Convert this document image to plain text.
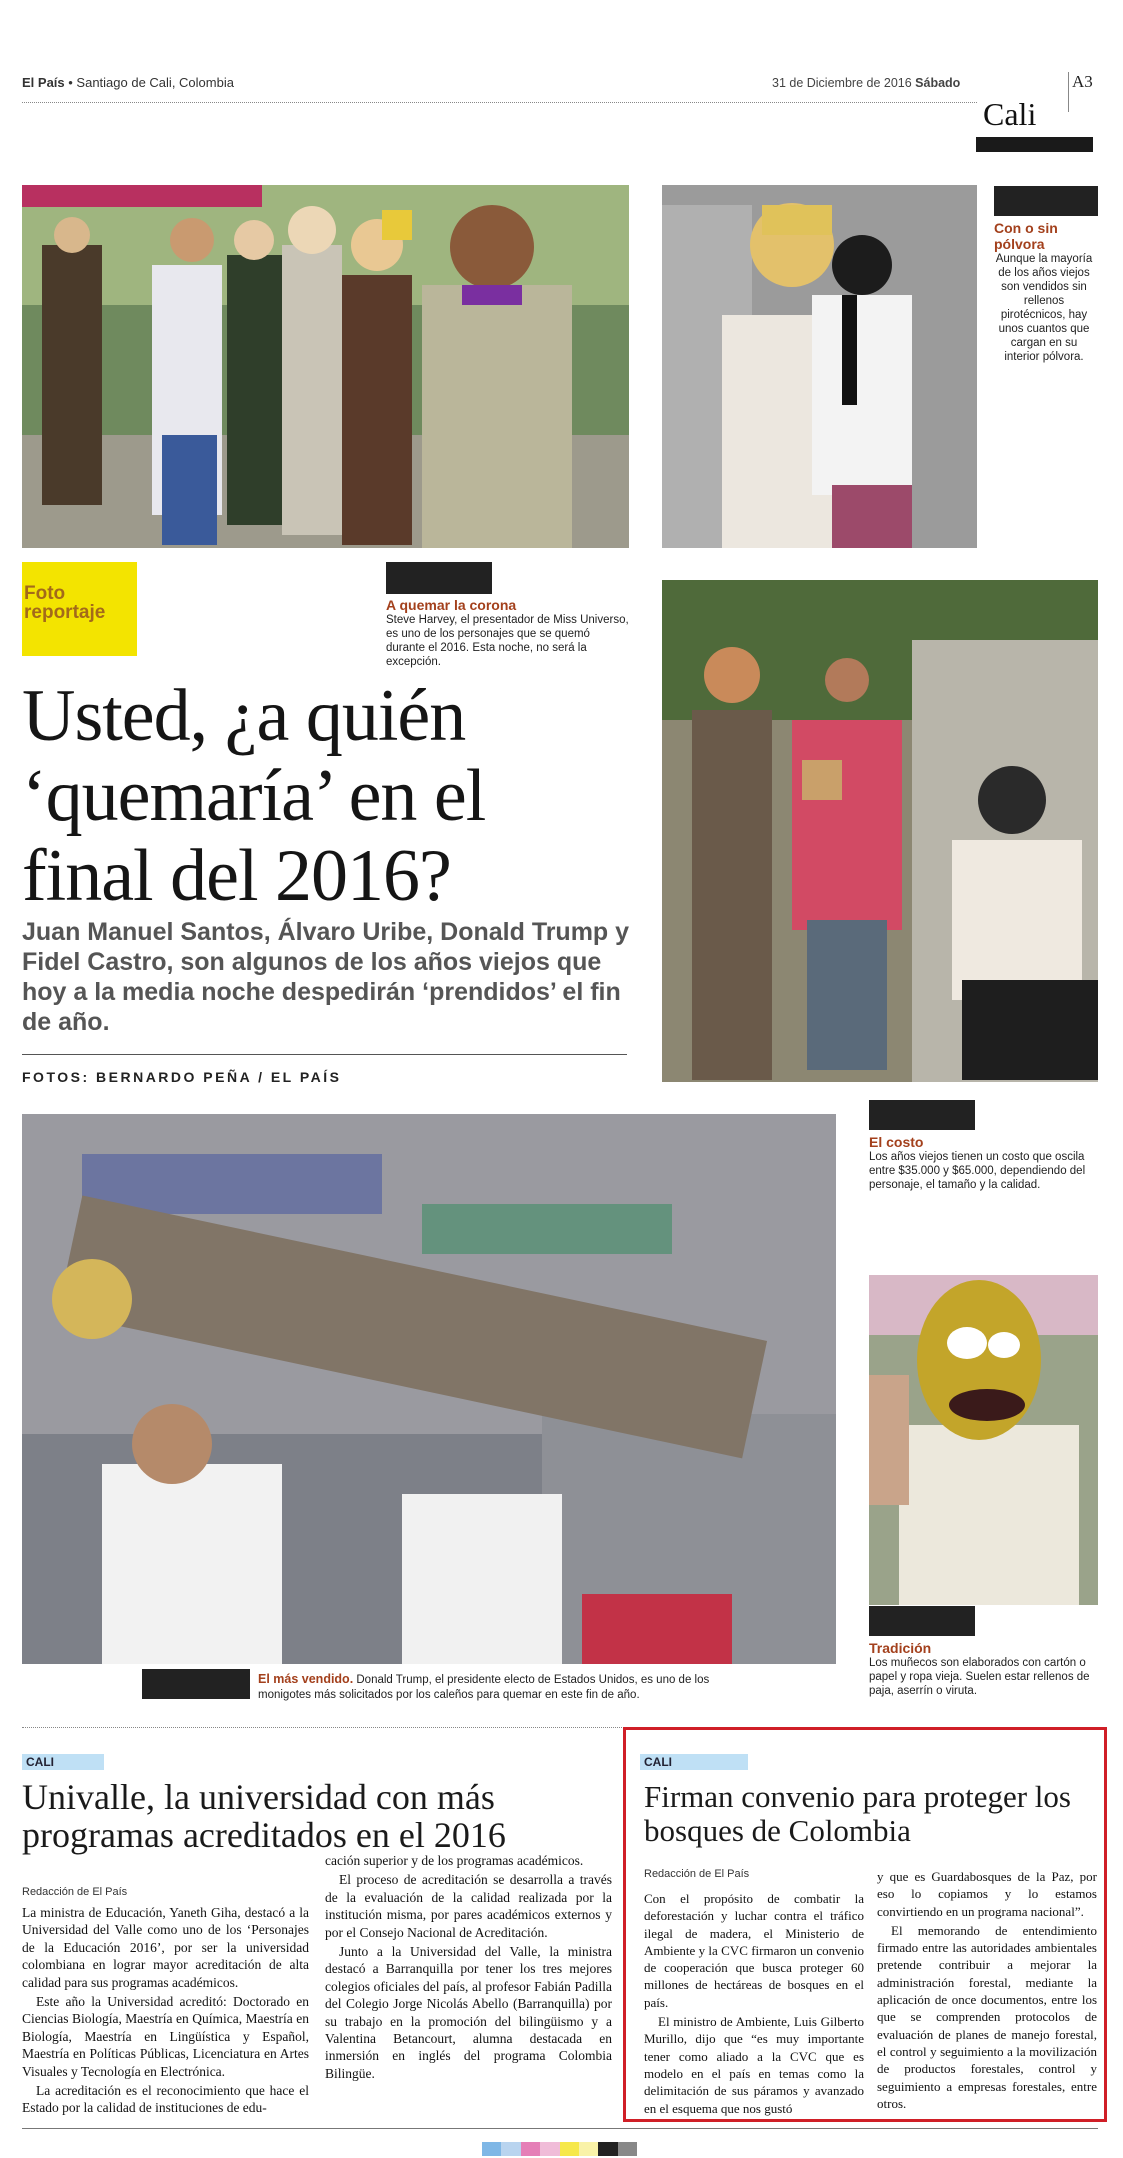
El País • Santiago de Cali, Colombia	31 de Diciembre de 2016 Sábado	A3
Cali
Con o sin pólvora
Aunque la mayoría de los años viejos son vendidos sin rellenos pirotécnicos, hay unos cuantos que cargan en su interior pólvora.
Foto
reportaje	A quemar la corona
Steve Harvey, el presentador de Miss Universo, es uno de los personajes que se quemó durante el 2016. Esta noche, no será la excepción.
Usted, ¿a quién
‘quemaría’ en el
final del 2016?
Juan Manuel Santos, Álvaro Uribe, Donald Trump y Fidel Castro, son algunos de los años viejos que hoy a la media noche despedirán ‘prendidos’ el fin de año.
FOTOS: BERNARDO PEÑA / EL PAÍS
El costo
Los años viejos tienen un costo que oscila entre $35.000 y $65.000, dependiendo del personaje, el tamaño y la calidad.
Tradición
Los muñecos son elaborados con cartón o papel y ropa vieja. Suelen estar rellenos de paja, aserrín o viruta.
El más vendido. Donald Trump, el presidente electo de Estados Unidos, es uno de los monigotes más solicitados por los caleños para quemar en este fin de año.
CALI
Univalle, la universidad con más programas acreditados en el 2016
Redacción de El País

La ministra de Educación, Yaneth Giha, destacó a la Universidad del Valle como uno de los ‘Personajes de la Educación 2016’, por ser la universidad colombiana en lograr mayor acreditación de alta calidad para sus programas académicos.

Este año la Universidad acreditó: Doctorado en Ciencias Biología, Maestría en Química, Maestría en Biología, Maestría en Lingüística y Español, Maestría en Políticas Públicas, Licenciatura en Artes Visuales y Tecnología en Electrónica.

La acreditación es el reconocimiento que hace el Estado por la calidad de instituciones de edu-

cación superior y de los programas académicos.

El proceso de acreditación se desarrolla a través de la evaluación de la calidad realizada por la institución misma, por pares académicos externos y por el Consejo Nacional de Acreditación.

Junto a la Universidad del Valle, la ministra destacó a Barranquilla por tener los tres mejores colegios oficiales del país, al profesor Fabián Padilla del Colegio Jorge Nicolás Abello (Barranquilla) por su trabajo en la promoción del bilingüismo y a Valentina Betancourt, alumna destacada en inmersión en inglés del programa Colombia Bilingüe.

CALI
Firman convenio para proteger los bosques de Colombia
Redacción de El País

Con el propósito de combatir la deforestación y luchar contra el tráfico ilegal de madera, el Ministerio de Ambiente y la CVC firmaron un convenio de cooperación que busca proteger 60 millones de hectáreas de bosques en el país.

El ministro de Ambiente, Luis Gilberto Murillo, dijo que “es muy importante tener como aliado a la CVC que es modelo en el país en temas como la delimitación de sus páramos y avanzado en el esquema que nos gustó

y que es Guardabosques de la Paz, por eso lo copiamos y lo estamos convirtiendo en un programa nacional”.

El memorando de entendimiento firmado entre las autoridades ambientales pretende contribuir a mejorar la administración forestal, mediante la aplicación de once documentos, entre los que se comprenden protocolos de evaluación de planes de manejo forestal, el control y seguimiento a la movilización de productos forestales, control y seguimiento a empresas forestales, entre otros.
